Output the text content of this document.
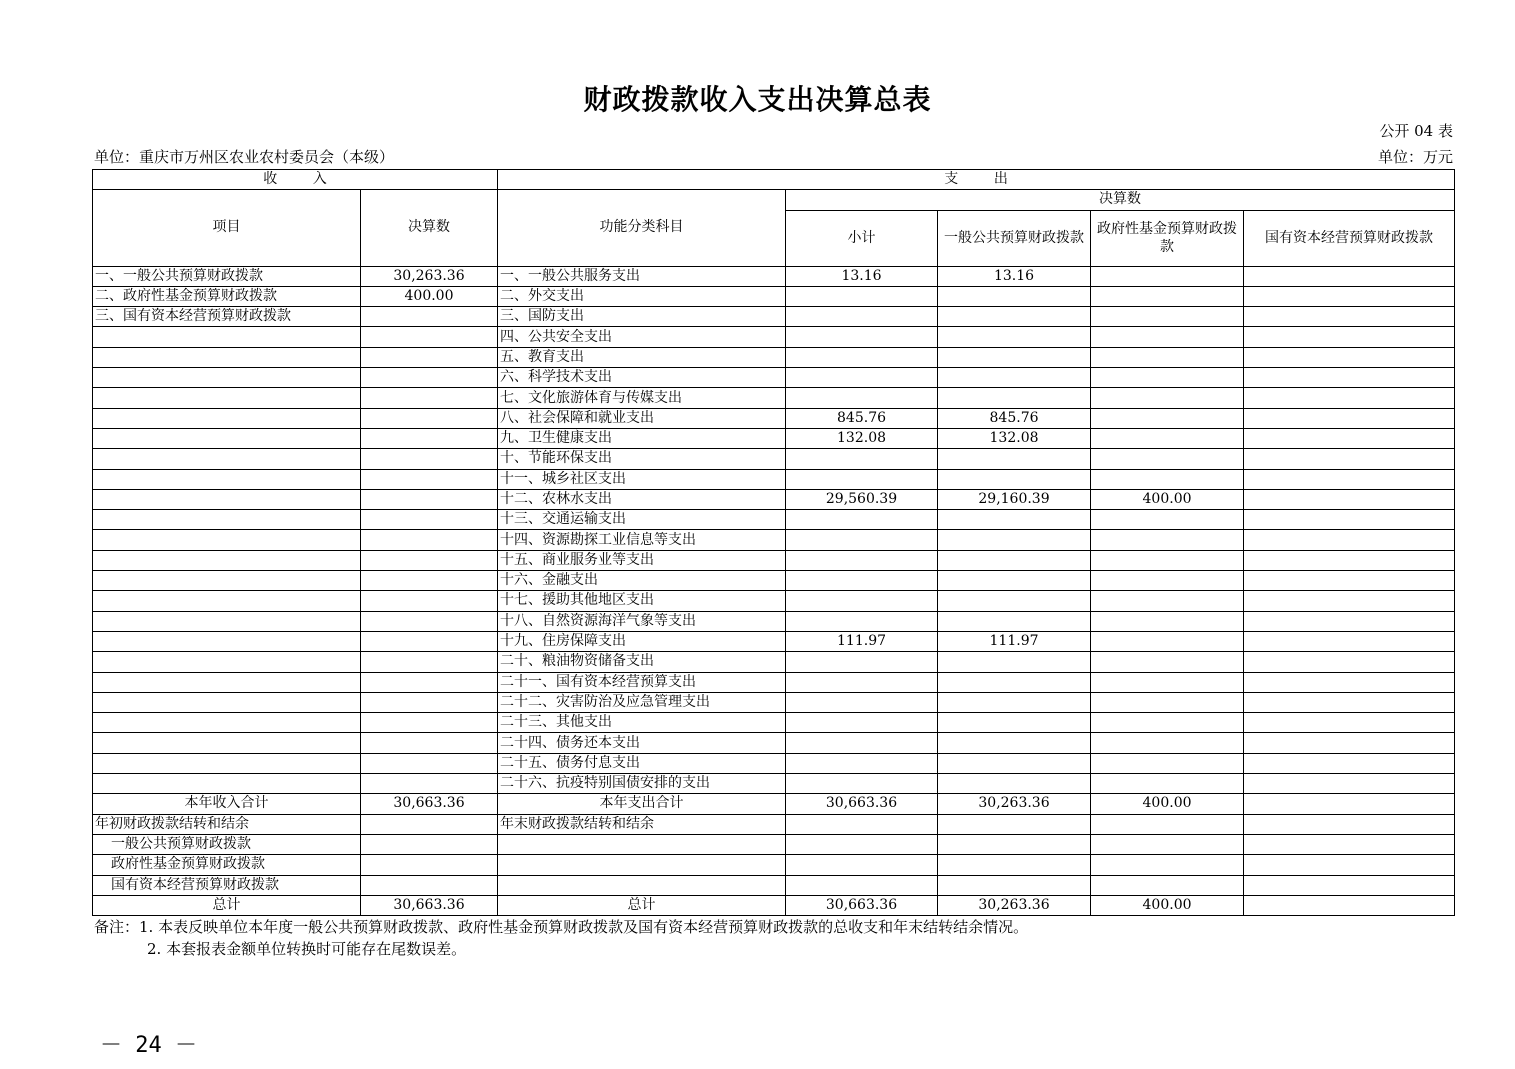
财政拨款收入支出决算总表
公开 04 表
单位：重庆市万州区农业农村委员会（本级）	单位：万元
收        入		支        出				
项目	决算数	功能分类科目	决算数			
			小计	一般公共预算财政拨款	政府性基金预算财政拨款	国有资本经营预算财政拨款

一、一般公共预算财政拨款	30,263.36	一、一般公共服务支出	13.16	13.16		
二、政府性基金预算财政拨款	400.00	二、外交支出				
三、国有资本经营预算财政拨款		三、国防支出				
		四、公共安全支出				
		五、教育支出				
		六、科学技术支出				
		七、文化旅游体育与传媒支出				
		八、社会保障和就业支出	845.76	845.76		
		九、卫生健康支出	132.08	132.08		
		十、节能环保支出				
		十一、城乡社区支出				
		十二、农林水支出	29,560.39	29,160.39	400.00	
		十三、交通运输支出				
		十四、资源勘探工业信息等支出				
		十五、商业服务业等支出				
		十六、金融支出				
		十七、援助其他地区支出				
		十八、自然资源海洋气象等支出				
		十九、住房保障支出	111.97	111.97		
		二十、粮油物资储备支出				
		二十一、国有资本经营预算支出				
		二十二、灾害防治及应急管理支出				
		二十三、其他支出				
		二十四、债务还本支出				
		二十五、债务付息支出				
		二十六、抗疫特别国债安排的支出				
本年收入合计	30,663.36	本年支出合计	30,663.36	30,263.36	400.00	
年初财政拨款结转和结余		年末财政拨款结转和结余				
一般公共预算财政拨款						
政府性基金预算财政拨款						
国有资本经营预算财政拨款						
总计	30,663.36	总计	30,663.36	30,263.36	400.00	
备注：1. 本表反映单位本年度一般公共预算财政拨款、政府性基金预算财政拨款及国有资本经营预算财政拨款的总收支和年末结转结余情况。
2. 本套报表金额单位转换时可能存在尾数误差。
－ 24 －
